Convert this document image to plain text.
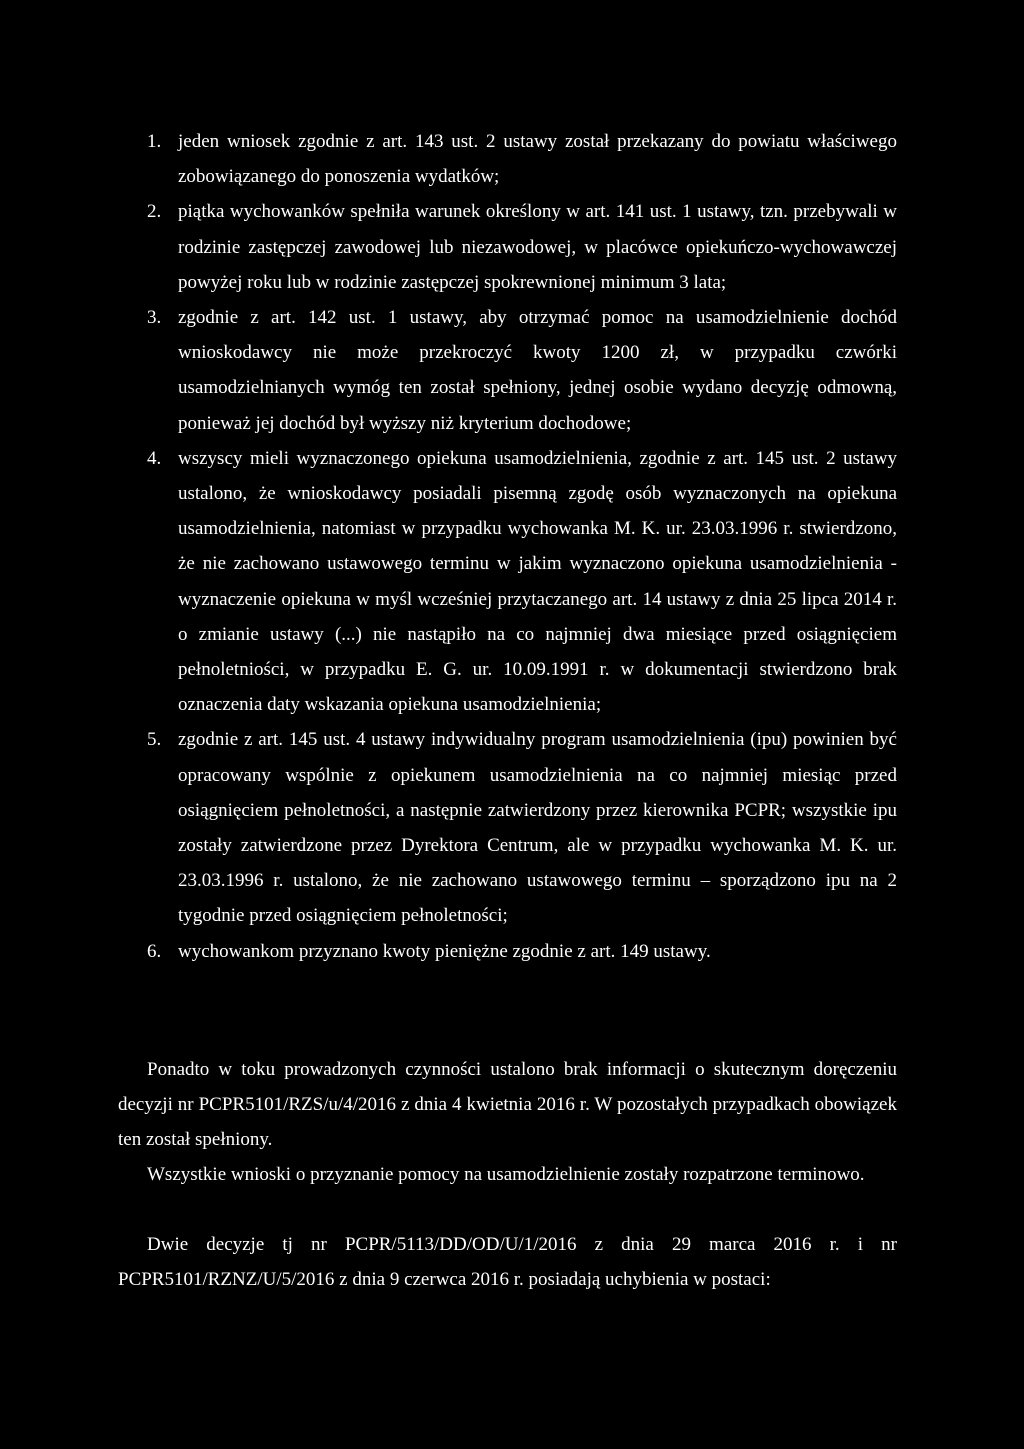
1. jeden wniosek zgodnie z art. 143 ust. 2 ustawy został przekazany do powiatu właściwego zobowiązanego do ponoszenia wydatków;
2. piątka wychowanków spełniła warunek określony w art. 141 ust. 1 ustawy, tzn. przebywali w rodzinie zastępczej zawodowej lub niezawodowej, w placówce opiekuńczo-wychowawczej powyżej roku lub w rodzinie zastępczej spokrewnionej minimum 3 lata;
3. zgodnie z art. 142 ust. 1 ustawy, aby otrzymać pomoc na usamodzielnienie dochód wnioskodawcy nie może przekroczyć kwoty 1200 zł, w przypadku czwórki usamodzielnianych wymóg ten został spełniony, jednej osobie wydano decyzję odmowną, ponieważ jej dochód był wyższy niż kryterium dochodowe;
4. wszyscy mieli wyznaczonego opiekuna usamodzielnienia, zgodnie z art. 145 ust. 2 ustawy ustalono, że wnioskodawcy posiadali pisemną zgodę osób wyznaczonych na opiekuna usamodzielnienia, natomiast w przypadku wychowanka M. K. ur. 23.03.1996 r. stwierdzono, że nie zachowano ustawowego terminu w jakim wyznaczono opiekuna usamodzielnienia - wyznaczenie opiekuna w myśl wcześniej przytaczanego art. 14 ustawy z dnia 25 lipca 2014 r. o zmianie ustawy (...) nie nastąpiło na co najmniej dwa miesiące przed osiągnięciem pełnoletniości, w przypadku E. G. ur. 10.09.1991 r. w dokumentacji stwierdzono brak oznaczenia daty wskazania opiekuna usamodzielnienia;
5. zgodnie z art. 145 ust. 4 ustawy indywidualny program usamodzielnienia (ipu) powinien być opracowany wspólnie z opiekunem usamodzielnienia na co najmniej miesiąc przed osiągnięciem pełnoletności, a następnie zatwierdzony przez kierownika PCPR; wszystkie ipu zostały zatwierdzone przez Dyrektora Centrum, ale w przypadku wychowanka M. K. ur. 23.03.1996 r. ustalono, że nie zachowano ustawowego terminu – sporządzono ipu na 2 tygodnie przed osiągnięciem pełnoletności;
6. wychowankom przyznano kwoty pieniężne zgodnie z art. 149 ustawy.

Ponadto w toku prowadzonych czynności ustalono brak informacji o skutecznym doręczeniu decyzji nr PCPR5101/RZS/u/4/2016 z dnia 4 kwietnia 2016 r. W pozostałych przypadkach obowiązek ten został spełniony.

Wszystkie wnioski o przyznanie pomocy na usamodzielnienie zostały rozpatrzone terminowo.

Dwie decyzje tj nr PCPR/5113/DD/OD/U/1/2016 z dnia 29 marca 2016 r. i nr PCPR5101/RZNZ/U/5/2016 z dnia 9 czerwca 2016 r. posiadają uchybienia w postaci:
